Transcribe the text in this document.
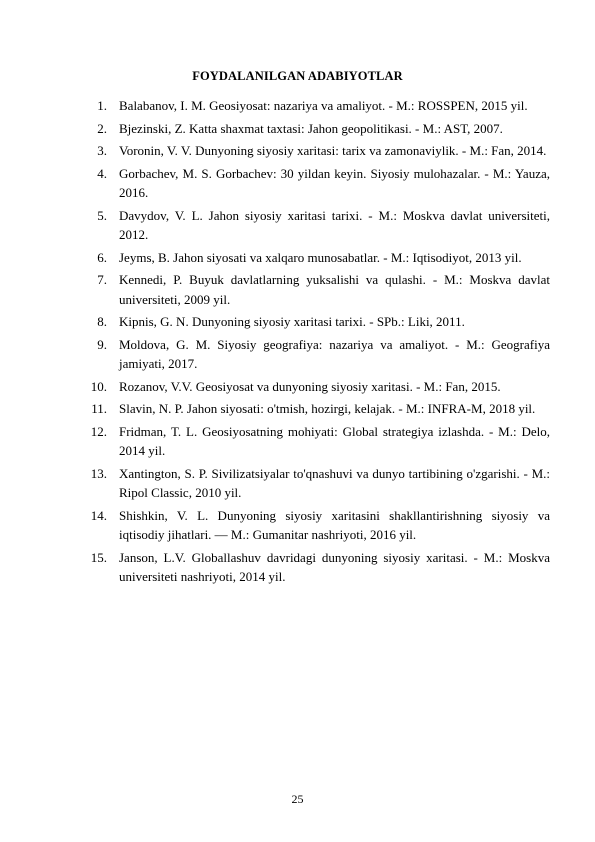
FOYDALANILGAN ADABIYOTLAR
1. Balabanov, I. M. Geosiyosat: nazariya va amaliyot. - M.: ROSSPEN, 2015 yil.
2. Bjezinski, Z. Katta shaxmat taxtasi: Jahon geopolitikasi. - M.: AST, 2007.
3. Voronin, V. V. Dunyoning siyosiy xaritasi: tarix va zamonaviylik. - M.: Fan, 2014.
4. Gorbachev, M. S. Gorbachev: 30 yildan keyin. Siyosiy mulohazalar. - M.: Yauza, 2016.
5. Davydov, V. L. Jahon siyosiy xaritasi tarixi. - M.: Moskva davlat universiteti, 2012.
6. Jeyms, B. Jahon siyosati va xalqaro munosabatlar. - M.: Iqtisodiyot, 2013 yil.
7. Kennedi, P. Buyuk davlatlarning yuksalishi va qulashi. - M.: Moskva davlat universiteti, 2009 yil.
8. Kipnis, G. N. Dunyoning siyosiy xaritasi tarixi. - SPb.: Liki, 2011.
9. Moldova, G. M. Siyosiy geografiya: nazariya va amaliyot. - M.: Geografiya jamiyati, 2017.
10. Rozanov, V.V. Geosiyosat va dunyoning siyosiy xaritasi. - M.: Fan, 2015.
11. Slavin, N. P. Jahon siyosati: o'tmish, hozirgi, kelajak. - M.: INFRA-M, 2018 yil.
12. Fridman, T. L. Geosiyosatning mohiyati: Global strategiya izlashda. - M.: Delo, 2014 yil.
13. Xantington, S. P. Sivilizatsiyalar to'qnashuvi va dunyo tartibining o'zgarishi. - M.: Ripol Classic, 2010 yil.
14. Shishkin, V. L. Dunyoning siyosiy xaritasini shakllantirishning siyosiy va iqtisodiy jihatlari. — M.: Gumanitar nashriyoti, 2016 yil.
15. Janson, L.V. Globallashuv davridagi dunyoning siyosiy xaritasi. - M.: Moskva universiteti nashriyoti, 2014 yil.
25
